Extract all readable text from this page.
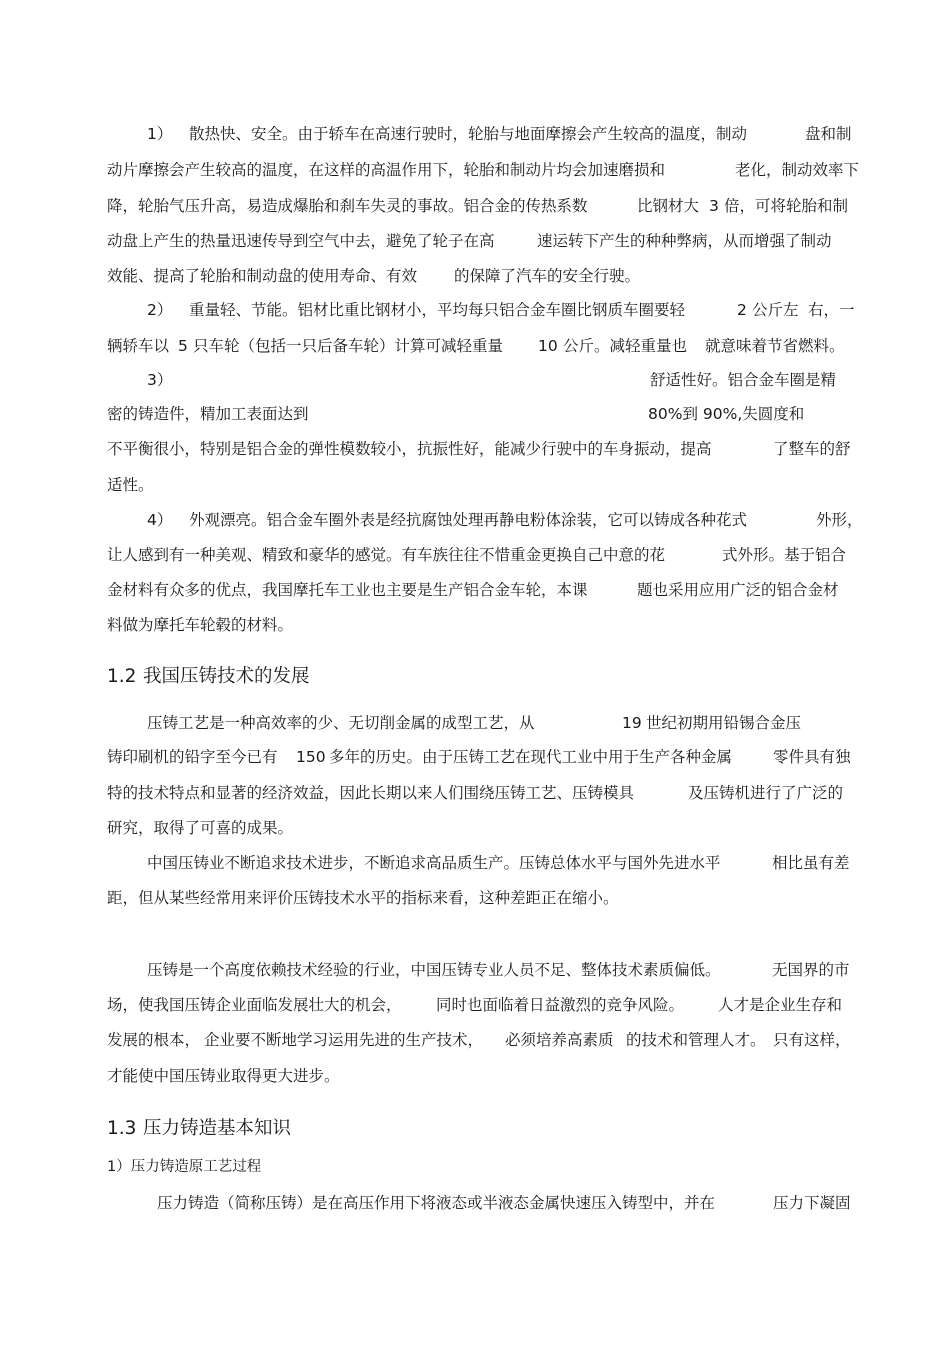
1） 散热快、安全。由于轿车在高速行驶时，轮胎与地面摩擦会产生较高的温度，制动	盘和制
动片摩擦会产生较高的温度，在这样的高温作用下，轮胎和制动片均会加速磨损和	老化，制动效率下
降，轮胎气压升高，易造成爆胎和刹车失灵的事故。铝合金的传热系数	比钢材大 3 倍，可将轮胎和制
动盘上产生的热量迅速传导到空气中去，避免了轮子在高	速运转下产生的种种弊病，从而增强了制动
效能、提高了轮胎和制动盘的使用寿命、有效 的保障了汽车的安全行驶。
2） 重量轻、节能。铝材比重比钢材小，平均每只铝合金车圈比钢质车圈要轻	2 公斤左 右，一
辆轿车以 5 只车轮（包括一只后备车轮）计算可减轻重量 10 公斤。减轻重量也 就意味着节省燃料。
3）	舒适性好。铝合金车圈是精
密的铸造件，精加工表面达到	80%到 90%,失圆度和
不平衡很小，特别是铝合金的弹性模数较小，抗振性好，能减少行驶中的车身振动，提高	了整车的舒
适性。
4） 外观漂亮。铝合金车圈外表是经抗腐蚀处理再静电粉体涂装，它可以铸成各种花式	外形，
让人感到有一种美观、精致和豪华的感觉。有车族往往不惜重金更换自己中意的花	式外形。基于铝合
金材料有众多的优点，我国摩托车工业也主要是生产铝合金车轮，本课	题也采用应用广泛的铝合金材
料做为摩托车轮毂的材料。
1.2 我国压铸技术的发展
压铸工艺是一种高效率的少、无切削金属的成型工艺，从	19 世纪初期用铅锡合金压
铸印刷机的铅字至今已有 150 多年的历史。由于压铸工艺在现代工业中用于生产各种金属	零件具有独
特的技术特点和显著的经济效益，因此长期以来人们围绕压铸工艺、压铸模具	及压铸机进行了广泛的
研究，取得了可喜的成果。
中国压铸业不断追求技术进步，不断追求高品质生产。压铸总体水平与国外先进水平	相比虽有差
距，但从某些经常用来评价压铸技术水平的指标来看，这种差距正在缩小。
压铸是一个高度依赖技术经验的行业，中国压铸专业人员不足、整体技术素质偏低。	无国界的市
场，使我国压铸企业面临发展壮大的机会， 同时也面临着日益激烈的竞争风险。 人才是企业生存和
发展的根本， 企业要不断地学习运用先进的生产技术， 必须培养高素质 的技术和管理人才。 只有这样，
才能使中国压铸业取得更大进步。
1.3 压力铸造基本知识
1）压力铸造原工艺过程
压力铸造（简称压铸）是在高压作用下将液态或半液态金属快速压入铸型中，并在	压力下凝固
